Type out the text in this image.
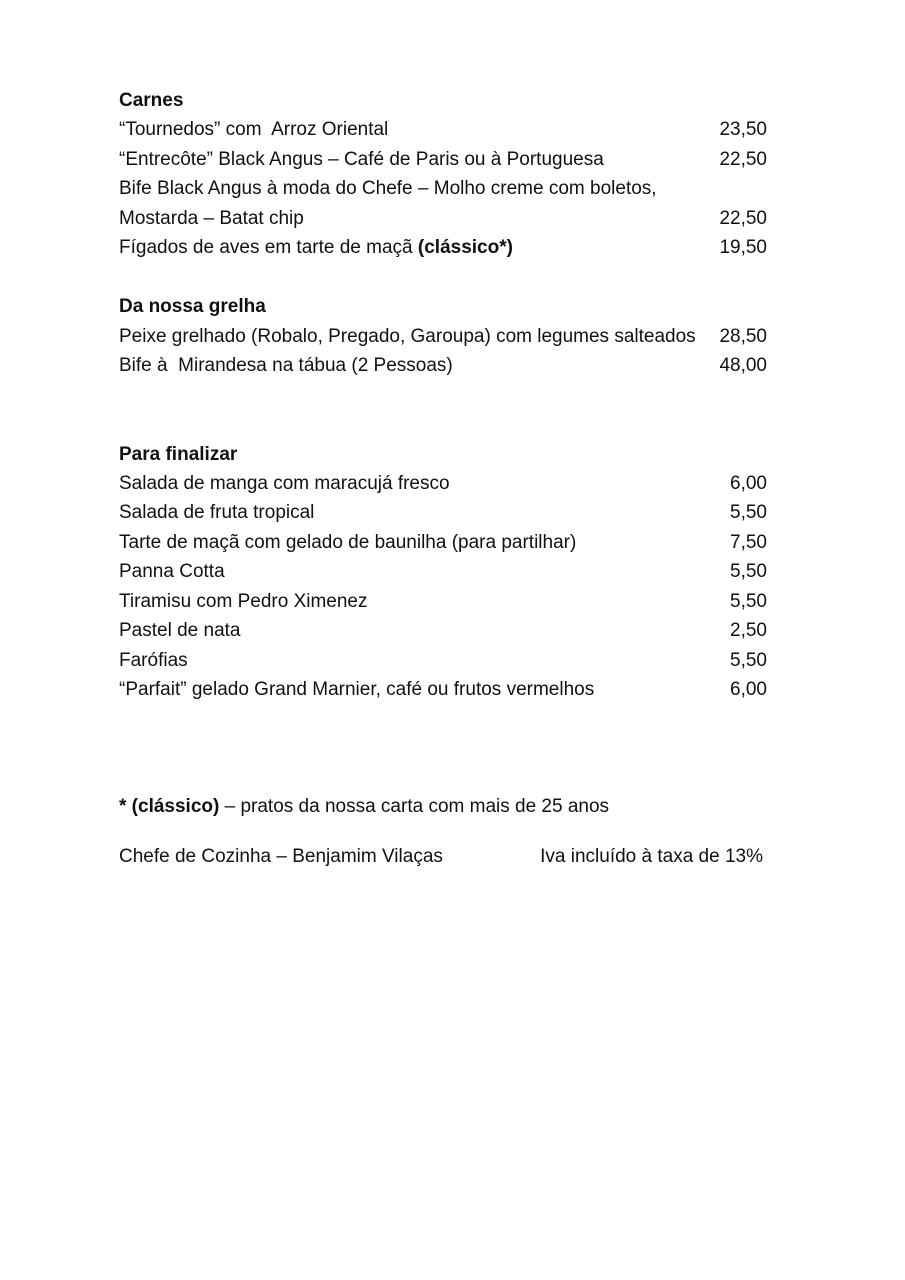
Carnes
“Tournedos” com  Arroz Oriental	23,50
“Entrecôte” Black Angus – Café de Paris ou à Portuguesa	22,50
Bife Black Angus à moda do Chefe – Molho creme com boletos,
Mostarda – Batat chip	22,50
Fígados de aves em tarte de maçã (clássico*)	19,50
Da nossa grelha
Peixe grelhado (Robalo, Pregado, Garoupa) com legumes salteados 28,50
Bife à  Mirandesa na tábua (2 Pessoas)	48,00
Para finalizar
Salada de manga com maracujá fresco	6,00
Salada de fruta tropical	5,50
Tarte de maçã com gelado de baunilha (para partilhar)	7,50
Panna Cotta	5,50
Tiramisu com Pedro Ximenez	5,50
Pastel de nata	2,50
Farófias	5,50
“Parfait” gelado Grand Marnier, café ou frutos vermelhos	6,00
* (clássico) – pratos da nossa carta com mais de 25 anos
Chefe de Cozinha – Benjamim Vilaças	Iva incluído à taxa de 13%
